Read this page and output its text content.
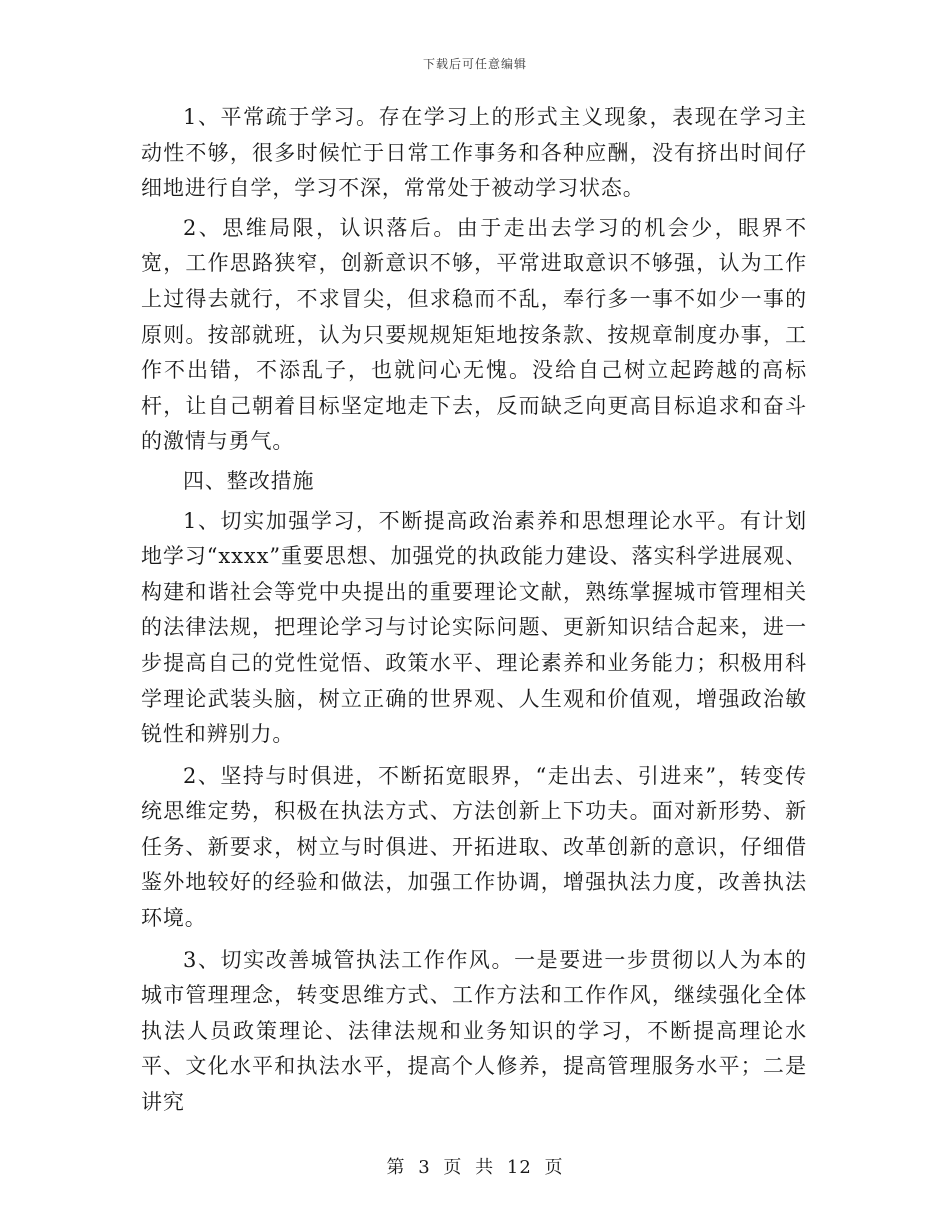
下载后可任意编辑

1、平常疏于学习。存在学习上的形式主义现象，表现在学习主动性不够，很多时候忙于日常工作事务和各种应酬，没有挤出时间仔细地进行自学，学习不深，常常处于被动学习状态。

2、思维局限，认识落后。由于走出去学习的机会少，眼界不宽，工作思路狭窄，创新意识不够，平常进取意识不够强，认为工作上过得去就行，不求冒尖，但求稳而不乱，奉行多一事不如少一事的原则。按部就班，认为只要规规矩矩地按条款、按规章制度办事，工作不出错，不添乱子，也就问心无愧。没给自己树立起跨越的高标杆，让自己朝着目标坚定地走下去，反而缺乏向更高目标追求和奋斗的激情与勇气。

四、整改措施

1、切实加强学习，不断提高政治素养和思想理论水平。有计划地学习“xxxx”重要思想、加强党的执政能力建设、落实科学进展观、构建和谐社会等党中央提出的重要理论文献，熟练掌握城市管理相关的法律法规，把理论学习与讨论实际问题、更新知识结合起来，进一步提高自己的党性觉悟、政策水平、理论素养和业务能力；积极用科学理论武装头脑，树立正确的世界观、人生观和价值观，增强政治敏锐性和辨别力。

2、坚持与时俱进，不断拓宽眼界，“走出去、引进来”，转变传统思维定势，积极在执法方式、方法创新上下功夫。面对新形势、新任务、新要求，树立与时俱进、开拓进取、改革创新的意识，仔细借鉴外地较好的经验和做法，加强工作协调，增强执法力度，改善执法环境。

3、切实改善城管执法工作作风。一是要进一步贯彻以人为本的城市管理理念，转变思维方式、工作方法和工作作风，继续强化全体执法人员政策理论、法律法规和业务知识的学习，不断提高理论水平、文化水平和执法水平，提高个人修养，提高管理服务水平；二是讲究

第 3 页 共 12 页
